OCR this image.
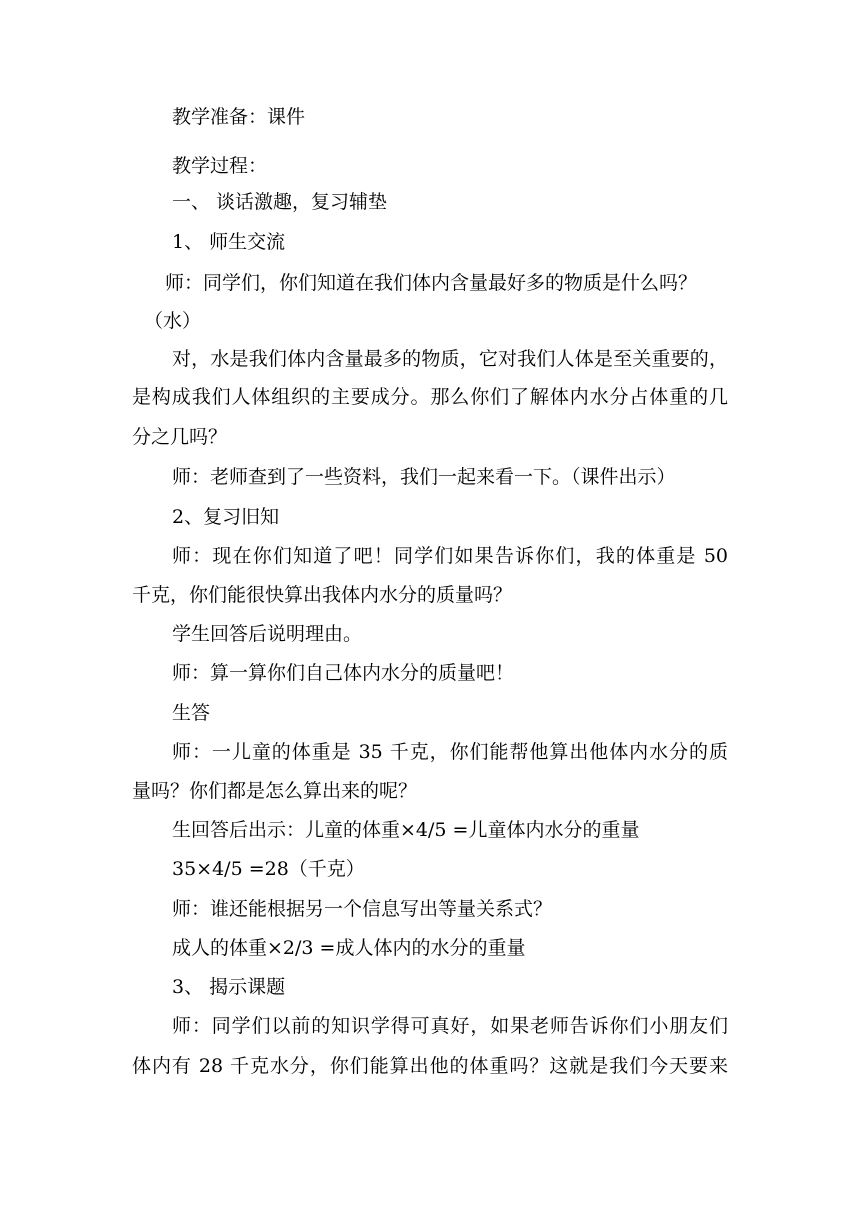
教学准备：课件
教学过程：
一、 谈话激趣，复习辅垫
1、 师生交流
师：同学们，你们知道在我们体内含量最好多的物质是什么吗？
（水）
对，水是我们体内含量最多的物质，它对我们人体是至关重要的，
是构成我们人体组织的主要成分。那么你们了解体内水分占体重的几
分之几吗？
师：老师查到了一些资料，我们一起来看一下。（课件出示）
2、复习旧知
师：现在你们知道了吧！同学们如果告诉你们，我的体重是 50
千克，你们能很快算出我体内水分的质量吗？
学生回答后说明理由。
师：算一算你们自己体内水分的质量吧！
生答
师：一儿童的体重是 35 千克，你们能帮他算出他体内水分的质
量吗？你们都是怎么算出来的呢？
生回答后出示：儿童的体重×4/5 =儿童体内水分的重量
35×4/5 =28（千克）
师：谁还能根据另一个信息写出等量关系式？
成人的体重×2/3 =成人体内的水分的重量
3、 揭示课题
师：同学们以前的知识学得可真好，如果老师告诉你们小朋友们
体内有 28 千克水分，你们能算出他的体重吗？这就是我们今天要来
